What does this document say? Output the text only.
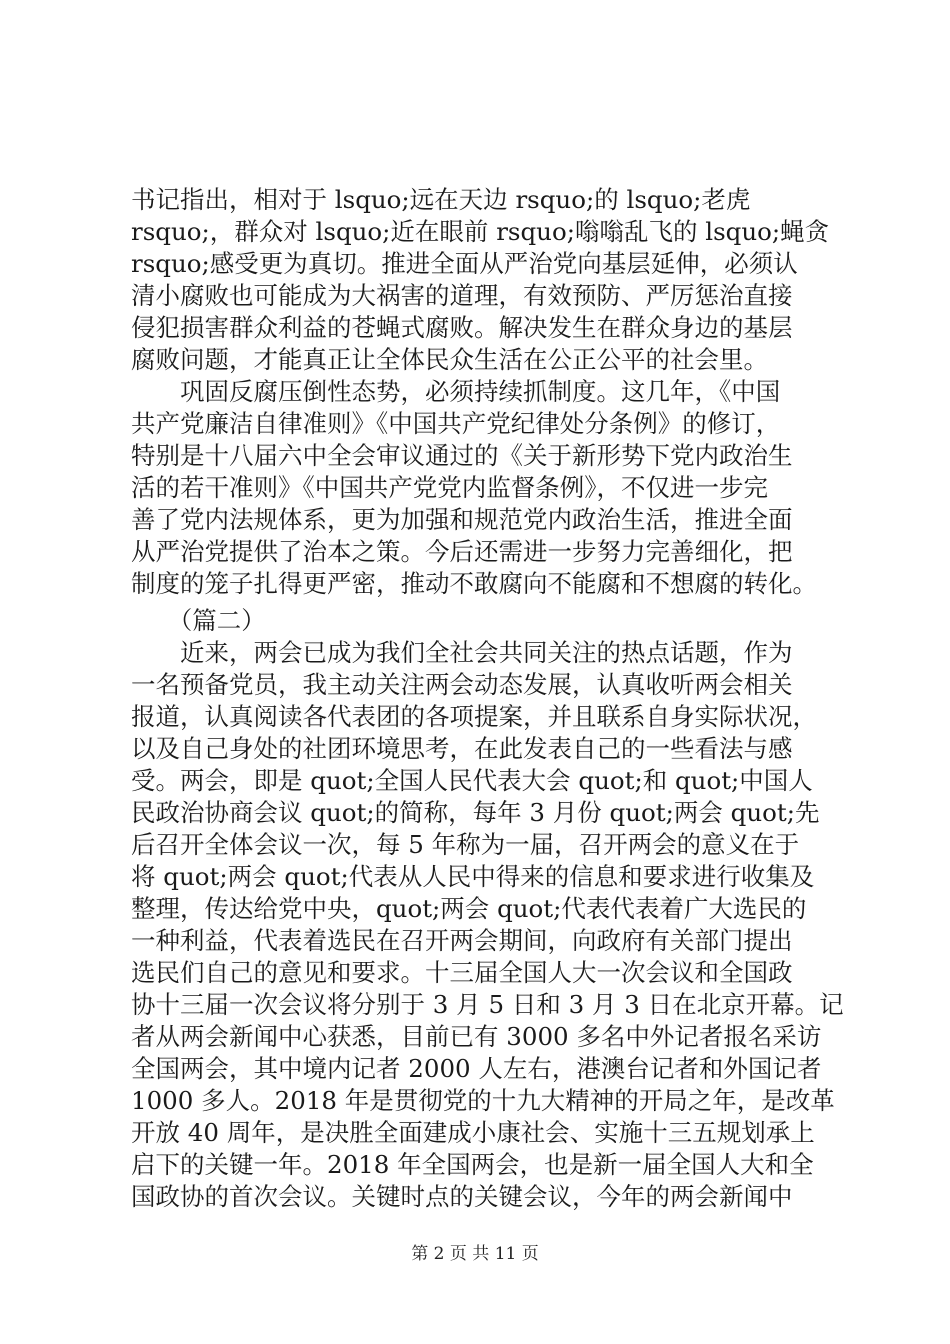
书记指出，相对于 lsquo;远在天边 rsquo;的 lsquo;老虎
rsquo;，群众对 lsquo;近在眼前 rsquo;嗡嗡乱飞的 lsquo;蝇贪
rsquo;感受更为真切。推进全面从严治党向基层延伸，必须认
清小腐败也可能成为大祸害的道理，有效预防、严厉惩治直接
侵犯损害群众利益的苍蝇式腐败。解决发生在群众身边的基层
腐败问题，才能真正让全体民众生活在公正公平的社会里。
　　巩固反腐压倒性态势，必须持续抓制度。这几年，《中国
共产党廉洁自律准则》《中国共产党纪律处分条例》的修订，
特别是十八届六中全会审议通过的《关于新形势下党内政治生
活的若干准则》《中国共产党党内监督条例》，不仅进一步完
善了党内法规体系，更为加强和规范党内政治生活，推进全面
从严治党提供了治本之策。今后还需进一步努力完善细化，把
制度的笼子扎得更严密，推动不敢腐向不能腐和不想腐的转化。
　　（篇二）
　　近来，两会已成为我们全社会共同关注的热点话题，作为
一名预备党员，我主动关注两会动态发展，认真收听两会相关
报道，认真阅读各代表团的各项提案，并且联系自身实际状况，
以及自己身处的社团环境思考，在此发表自己的一些看法与感
受。两会，即是 quot;全国人民代表大会 quot;和 quot;中国人
民政治协商会议 quot;的简称，每年 3 月份 quot;两会 quot;先
后召开全体会议一次，每 5 年称为一届，召开两会的意义在于
将 quot;两会 quot;代表从人民中得来的信息和要求进行收集及
整理，传达给党中央，quot;两会 quot;代表代表着广大选民的
一种利益，代表着选民在召开两会期间，向政府有关部门提出
选民们自己的意见和要求。十三届全国人大一次会议和全国政
协十三届一次会议将分别于 3 月 5 日和 3 月 3 日在北京开幕。记
者从两会新闻中心获悉，目前已有 3000 多名中外记者报名采访
全国两会，其中境内记者 2000 人左右，港澳台记者和外国记者
1000 多人。2018 年是贯彻党的十九大精神的开局之年，是改革
开放 40 周年，是决胜全面建成小康社会、实施十三五规划承上
启下的关键一年。2018 年全国两会，也是新一届全国人大和全
国政协的首次会议。关键时点的关键会议，今年的两会新闻中
第 2 页 共 11 页
